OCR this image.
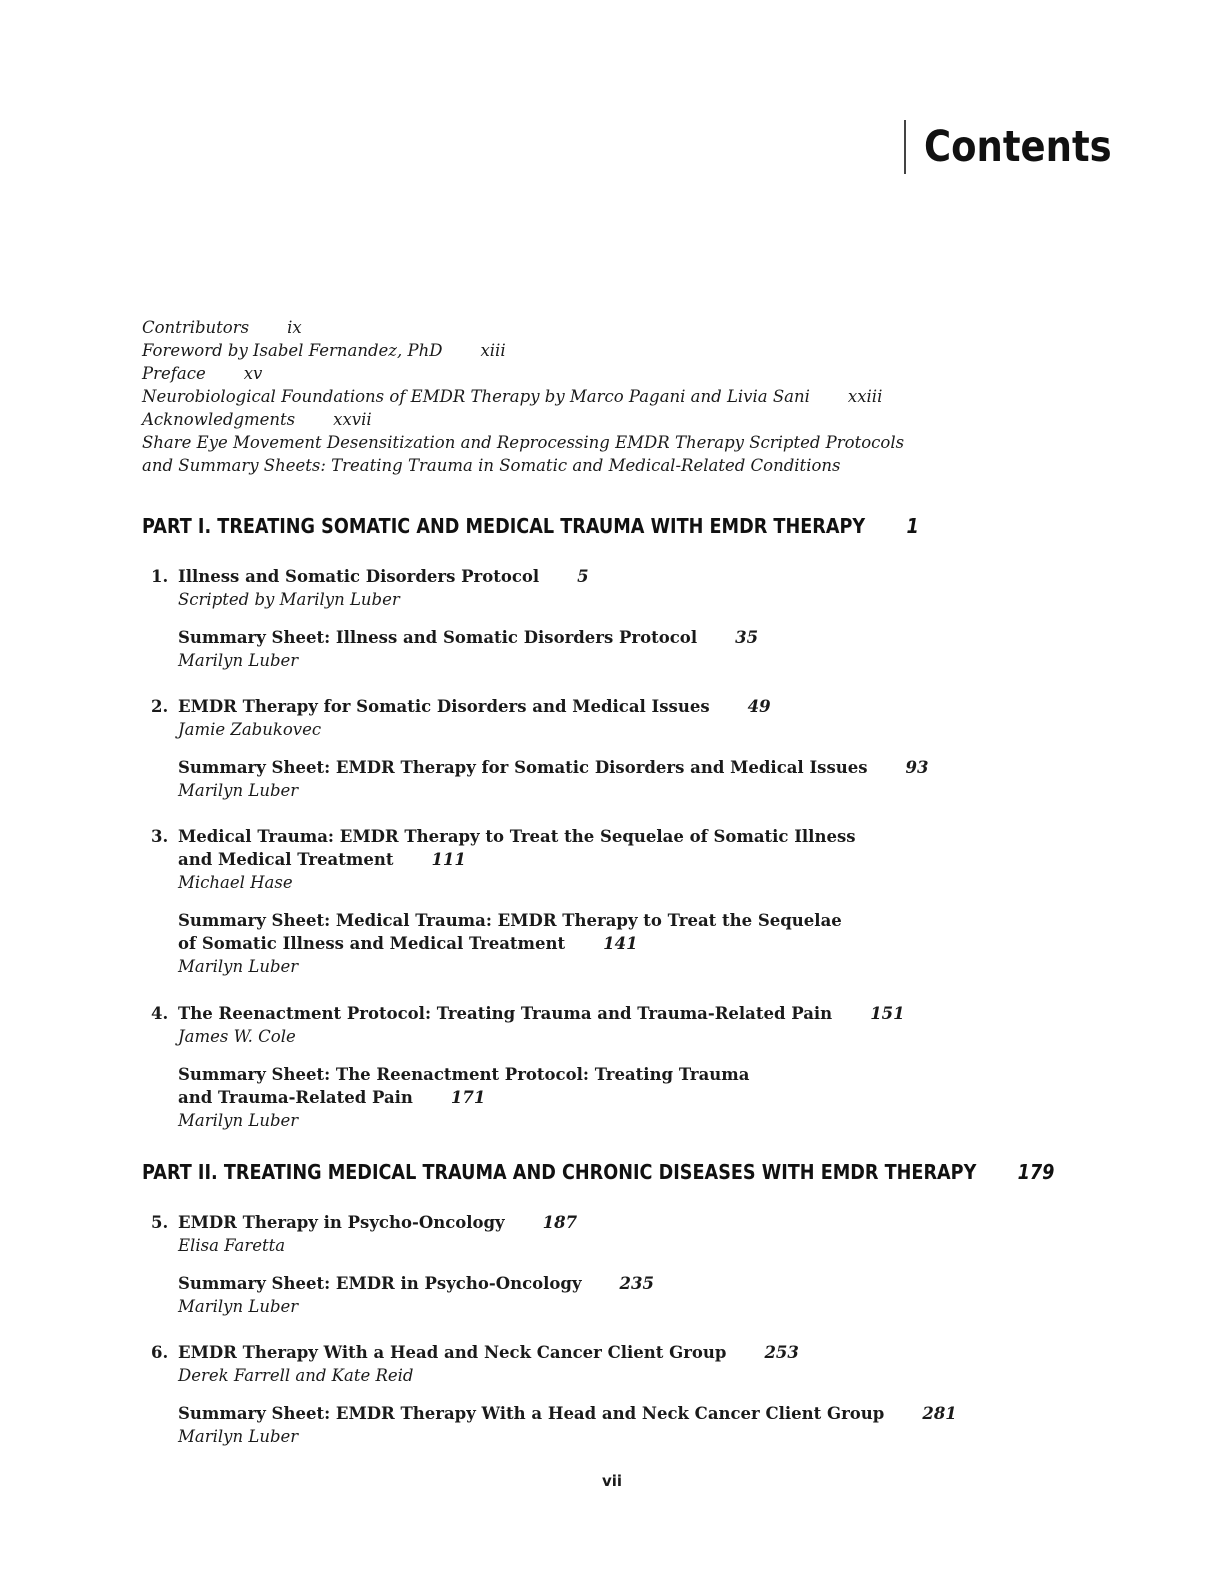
Contents
Contributors ix
Foreword by Isabel Fernandez, PhD xiii
Preface xv
Neurobiological Foundations of EMDR Therapy by Marco Pagani and Livia Sani xxiii
Acknowledgments xxvii
Share Eye Movement Desensitization and Reprocessing EMDR Therapy Scripted Protocols
and Summary Sheets: Treating Trauma in Somatic and Medical-Related Conditions
PART I. TREATING SOMATIC AND MEDICAL TRAUMA WITH EMDR THERAPY 1
1. Illness and Somatic Disorders Protocol 5
Scripted by Marilyn Luber
Summary Sheet: Illness and Somatic Disorders Protocol 35
Marilyn Luber
2. EMDR Therapy for Somatic Disorders and Medical Issues 49
Jamie Zabukovec
Summary Sheet: EMDR Therapy for Somatic Disorders and Medical Issues 93
Marilyn Luber
3. Medical Trauma: EMDR Therapy to Treat the Sequelae of Somatic Illness
and Medical Treatment 111
Michael Hase
Summary Sheet: Medical Trauma: EMDR Therapy to Treat the Sequelae
of Somatic Illness and Medical Treatment 141
Marilyn Luber
4. The Reenactment Protocol: Treating Trauma and Trauma-Related Pain 151
James W. Cole
Summary Sheet: The Reenactment Protocol: Treating Trauma
and Trauma-Related Pain 171
Marilyn Luber
PART II. TREATING MEDICAL TRAUMA AND CHRONIC DISEASES WITH EMDR THERAPY 179
5. EMDR Therapy in Psycho-Oncology 187
Elisa Faretta
Summary Sheet: EMDR in Psycho-Oncology 235
Marilyn Luber
6. EMDR Therapy With a Head and Neck Cancer Client Group 253
Derek Farrell and Kate Reid
Summary Sheet: EMDR Therapy With a Head and Neck Cancer Client Group 281
Marilyn Luber
vii
